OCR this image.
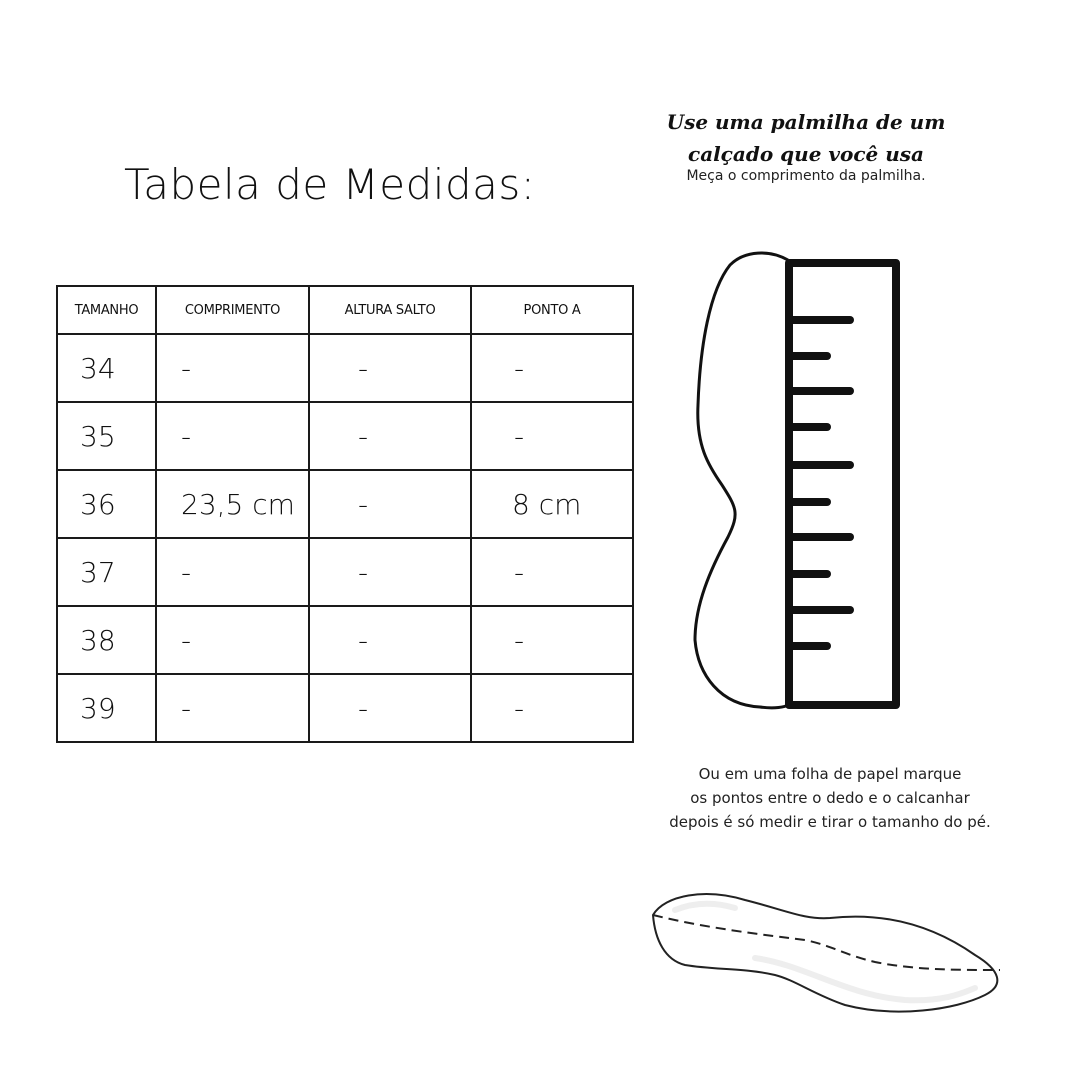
Tabela de Medidas:
TAMANHO	COMPRIMENTO	ALTURA SALTO	PONTO A
34	-	-	-
35	-	-	-
36	23,5 cm	-	8 cm
37	-	-	-
38	-	-	-
39	-	-	-
Use uma palmilha de um
calçado que você usa
Meça o comprimento da palmilha.
Ou em uma folha de papel marque
os pontos entre o dedo e o calcanhar
depois é só medir e tirar o tamanho do pé.
